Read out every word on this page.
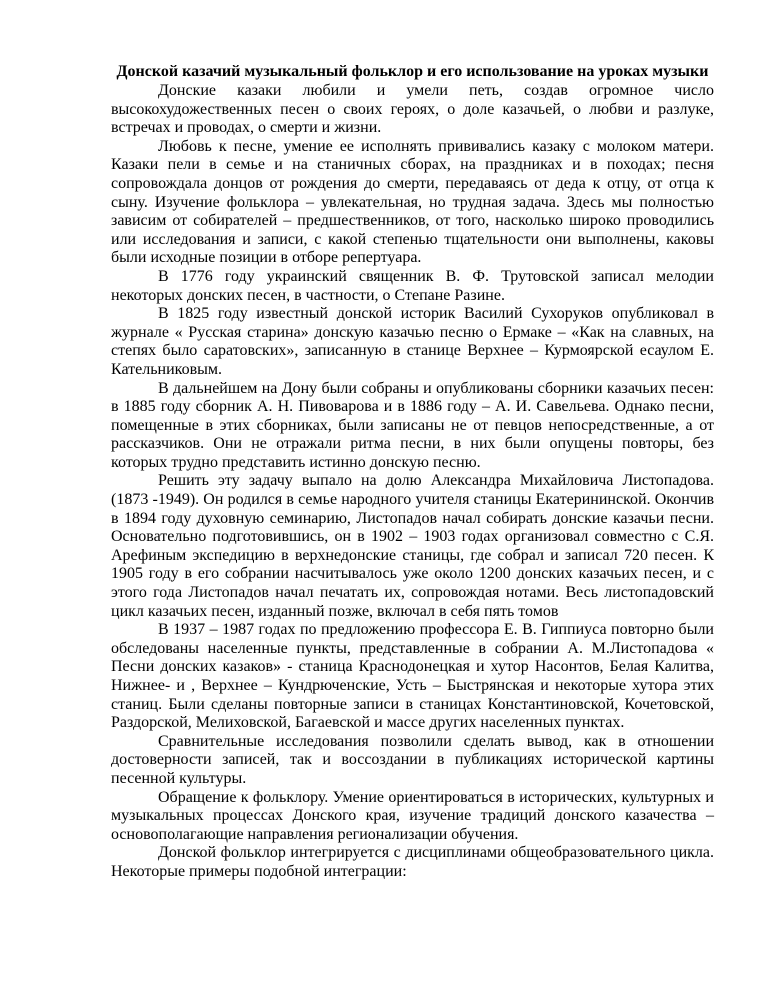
Донской казачий музыкальный фольклор и его использование на уроках музыки

Донские казаки любили и умели петь, создав огромное число высокохудожественных песен о своих героях, о доле казачьей, о любви и разлуке, встречах и проводах, о смерти и жизни.

Любовь к песне, умение ее исполнять прививались казаку с молоком матери. Казаки пели в семье и на станичных сборах, на праздниках и в походах; песня сопровождала донцов от рождения до смерти, передаваясь от деда к отцу, от отца к сыну. Изучение фольклора – увлекательная, но трудная задача. Здесь мы полностью зависим от собирателей – предшественников, от того, насколько широко проводились или исследования и записи, с какой степенью тщательности они выполнены, каковы были исходные позиции в отборе репертуара.

В 1776 году украинский священник В. Ф. Трутовской записал мелодии некоторых донских песен, в частности, о Степане Разине.

В 1825 году известный донской историк Василий Сухоруков опубликовал в журнале « Русская старина» донскую казачью песню о Ермаке – «Как на славных, на степях было саратовских», записанную в станице Верхнее – Курмоярской есаулом Е. Кательниковым.

В дальнейшем на Дону были собраны и опубликованы сборники казачьих песен: в 1885 году сборник А. Н. Пивоварова и в 1886 году – А. И. Савельева. Однако песни, помещенные в этих сборниках, были записаны не от певцов непосредственные, а от рассказчиков. Они не отражали ритма песни, в них были опущены повторы, без которых трудно представить истинно донскую песню.

Решить эту задачу выпало на долю Александра Михайловича Листопадова. (1873 -1949). Он родился в семье народного учителя станицы Екатерининской. Окончив в 1894 году духовную семинарию, Листопадов начал собирать донские казачьи песни. Основательно подготовившись, он в 1902 – 1903 годах организовал совместно с С.Я. Арефиным экспедицию в верхнедонские станицы, где собрал и записал 720 песен. К 1905 году в его собрании насчитывалось уже около 1200 донских казачьих песен, и с этого года Листопадов начал печатать их, сопровождая нотами. Весь листопадовский цикл казачьих песен, изданный позже, включал в себя пять томов

В 1937 – 1987 годах по предложению профессора Е. В. Гиппиуса повторно были обследованы населенные пункты, представленные в собрании А. М.Листопадова « Песни донских казаков» - станица Краснодонецкая и хутор Насонтов, Белая Калитва, Нижнее- и , Верхнее – Кундрюченские, Усть – Быстрянская и некоторые хутора этих станиц. Были сделаны повторные записи в станицах Константиновской, Кочетовской, Раздорской, Мелиховской, Багаевской и массе других населенных пунктах.

Сравнительные исследования позволили сделать вывод, как в отношении достоверности записей, так и воссоздании в публикациях исторической картины песенной культуры.

Обращение к фольклору. Умение ориентироваться в исторических, культурных и музыкальных процессах Донского края, изучение традиций донского казачества – основополагающие направления регионализации обучения.

Донской фольклор интегрируется с дисциплинами общеобразовательного цикла. Некоторые примеры подобной интеграции:
